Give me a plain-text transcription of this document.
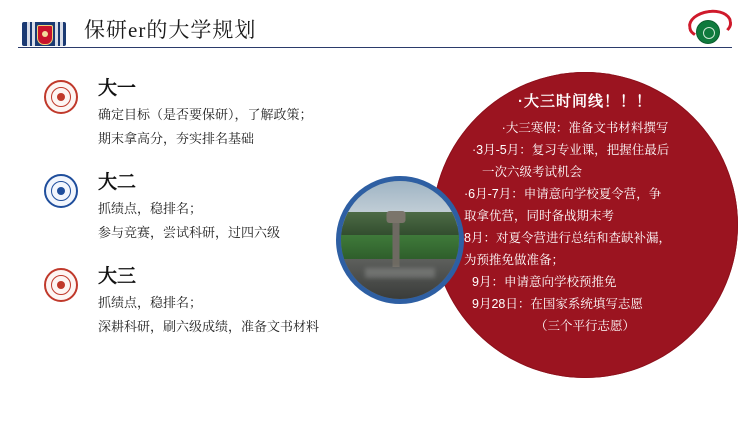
保研er的大学规划
大一
确定目标（是否要保研），了解政策；
期末拿高分，夯实排名基础
大二
抓绩点，稳排名；
参与竞赛，尝试科研，过四六级
大三
抓绩点，稳排名；
深耕科研，刷六级成绩，准备文书材料
·大三时间线！！！
·大三寒假：准备文书材料撰写
·3月-5月：复习专业课，把握住最后
一次六级考试机会
·6月-7月：申请意向学校夏令营，争
取拿优营，同时备战期末考
8月：对夏令营进行总结和查缺补漏，
为预推免做准备；
9月：申请意向学校预推免
9月28日：在国家系统填写志愿
（三个平行志愿）
